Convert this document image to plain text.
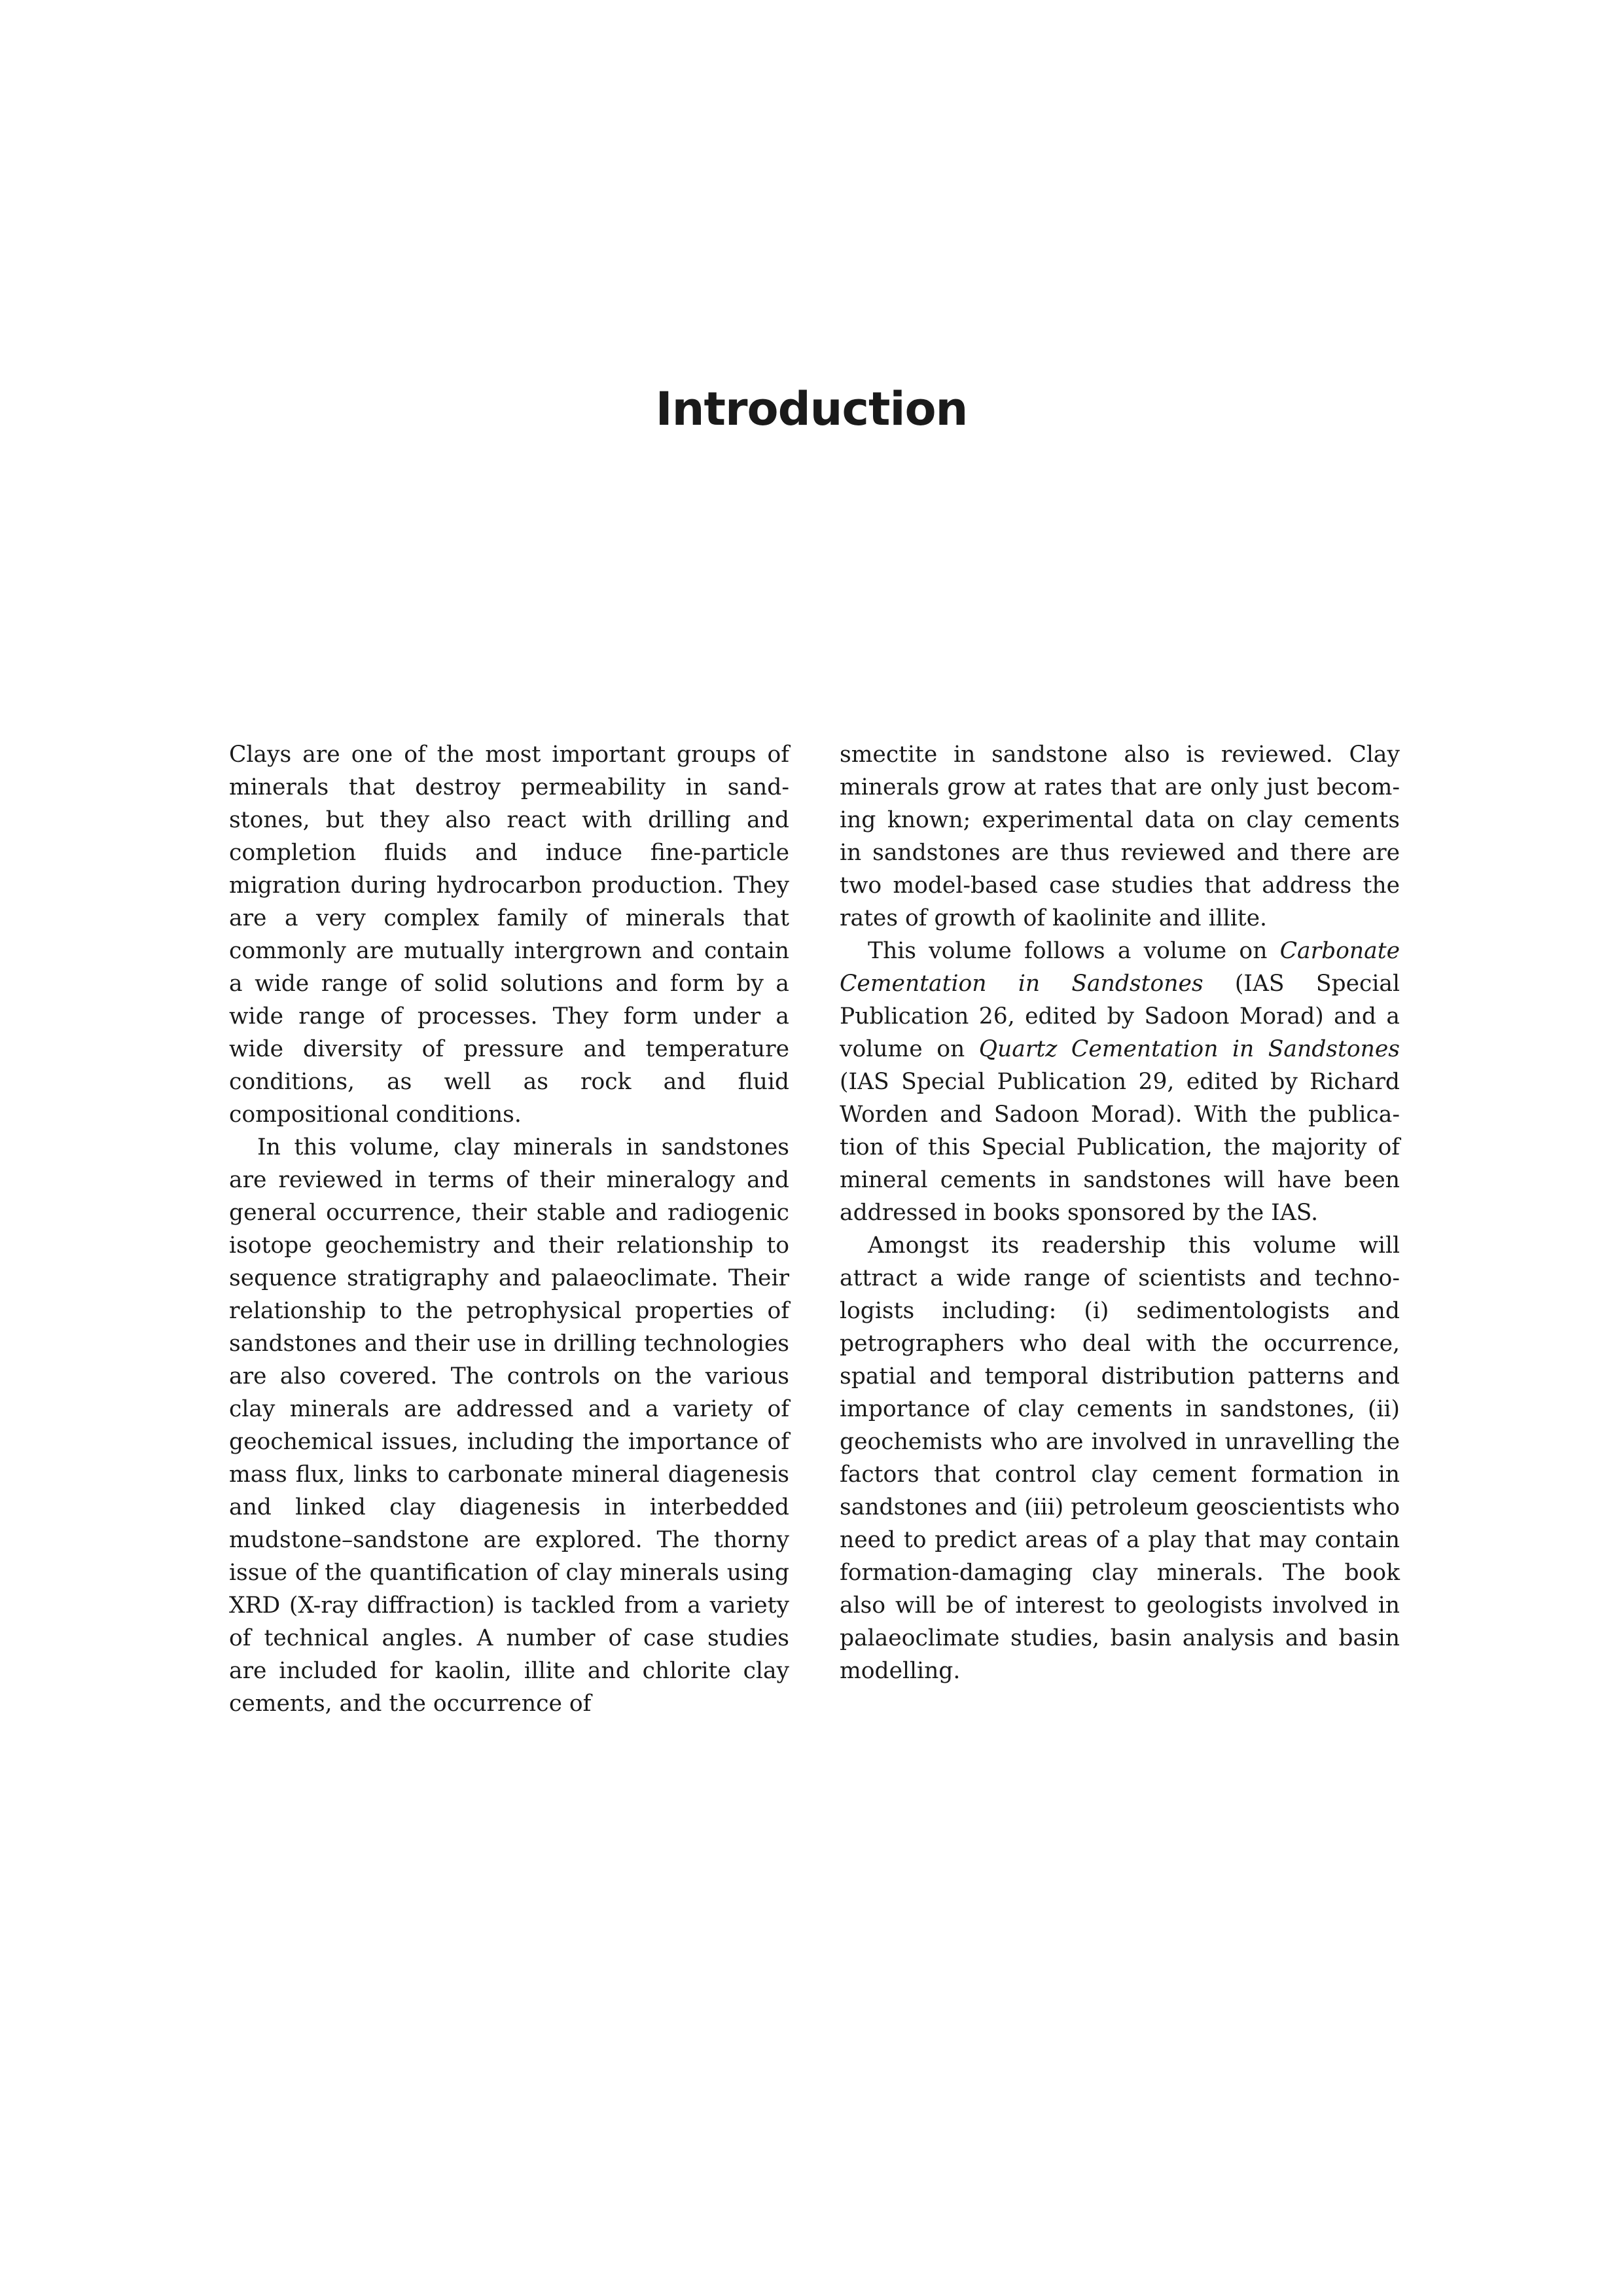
Introduction

Clays are one of the most important groups of minerals that destroy permeability in sandstones, but they also react with drilling and completion fluids and induce fine-particle migration during hydrocarbon production. They are a very complex family of minerals that commonly are mutually intergrown and contain a wide range of solid solutions and form by a wide range of processes. They form under a wide diversity of pressure and temperature conditions, as well as rock and fluid compositional conditions.

In this volume, clay minerals in sandstones are reviewed in terms of their mineralogy and general occurrence, their stable and radiogenic isotope geochemistry and their relationship to sequence stratigraphy and palaeoclimate. Their relationship to the petrophysical properties of sandstones and their use in drilling technologies are also covered. The controls on the various clay minerals are addressed and a variety of geochemical issues, including the importance of mass flux, links to carbonate mineral diagenesis and linked clay diagenesis in interbedded mudstone–sandstone are explored. The thorny issue of the quantification of clay minerals using XRD (X-ray diffraction) is tackled from a variety of technical angles. A number of case studies are included for kaolin, illite and chlorite clay cements, and the occurrence of

smectite in sandstone also is reviewed. Clay minerals grow at rates that are only just becoming known; experimental data on clay cements in sandstones are thus reviewed and there are two model-based case studies that address the rates of growth of kaolinite and illite.

This volume follows a volume on Carbonate Cementation in Sandstones (IAS Special Publication 26, edited by Sadoon Morad) and a volume on Quartz Cementation in Sandstones (IAS Special Publication 29, edited by Richard Worden and Sadoon Morad). With the publication of this Special Publication, the majority of mineral cements in sandstones will have been addressed in books sponsored by the IAS.

Amongst its readership this volume will attract a wide range of scientists and technologists including: (i) sedimentologists and petrographers who deal with the occurrence, spatial and temporal distribution patterns and importance of clay cements in sandstones, (ii) geochemists who are involved in unravelling the factors that control clay cement formation in sandstones and (iii) petroleum geoscientists who need to predict areas of a play that may contain formation-damaging clay minerals. The book also will be of interest to geologists involved in palaeoclimate studies, basin analysis and basin modelling.
